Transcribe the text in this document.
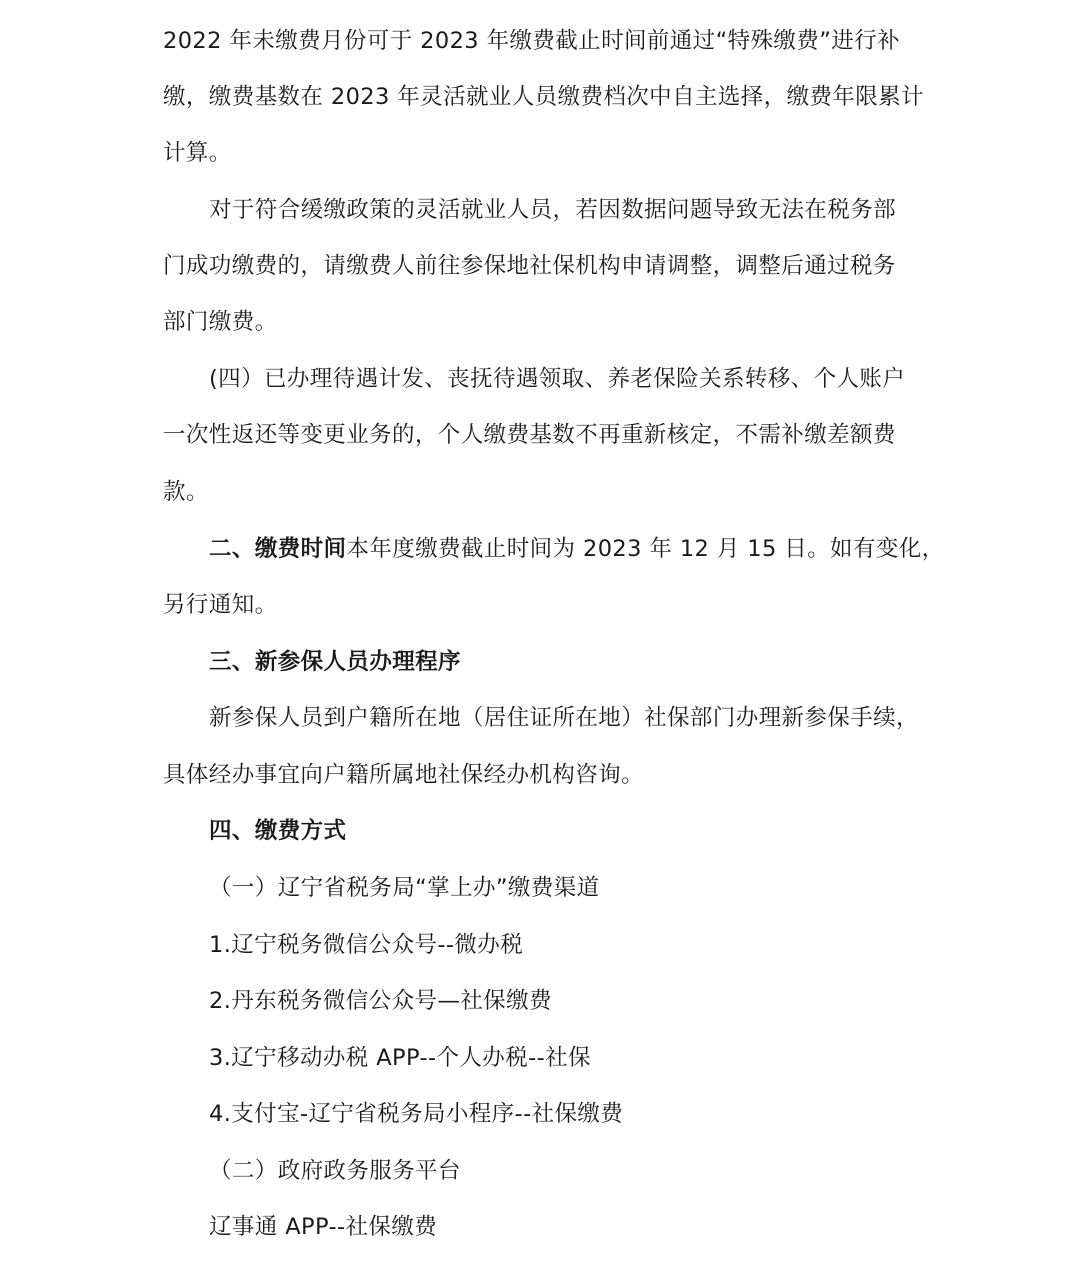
2022 年未缴费月份可于 2023 年缴费截止时间前通过“特殊缴费”进行补
缴，缴费基数在 2023 年灵活就业人员缴费档次中自主选择，缴费年限累计
计算。
对于符合缓缴政策的灵活就业人员，若因数据问题导致无法在税务部
门成功缴费的，请缴费人前往参保地社保机构申请调整，调整后通过税务
部门缴费。
(四）已办理待遇计发、丧抚待遇领取、养老保险关系转移、个人账户
一次性返还等变更业务的，个人缴费基数不再重新核定，不需补缴差额费
款。
二、缴费时间本年度缴费截止时间为 2023 年 12 月 15 日。如有变化，
另行通知。
三、新参保人员办理程序
新参保人员到户籍所在地（居住证所在地）社保部门办理新参保手续，
具体经办事宜向户籍所属地社保经办机构咨询。
四、缴费方式
（一）辽宁省税务局“掌上办”缴费渠道
1.辽宁税务微信公众号--微办税
2.丹东税务微信公众号—社保缴费
3.辽宁移动办税 APP--个人办税--社保
4.支付宝-辽宁省税务局小程序--社保缴费
（二）政府政务服务平台
辽事通 APP--社保缴费
